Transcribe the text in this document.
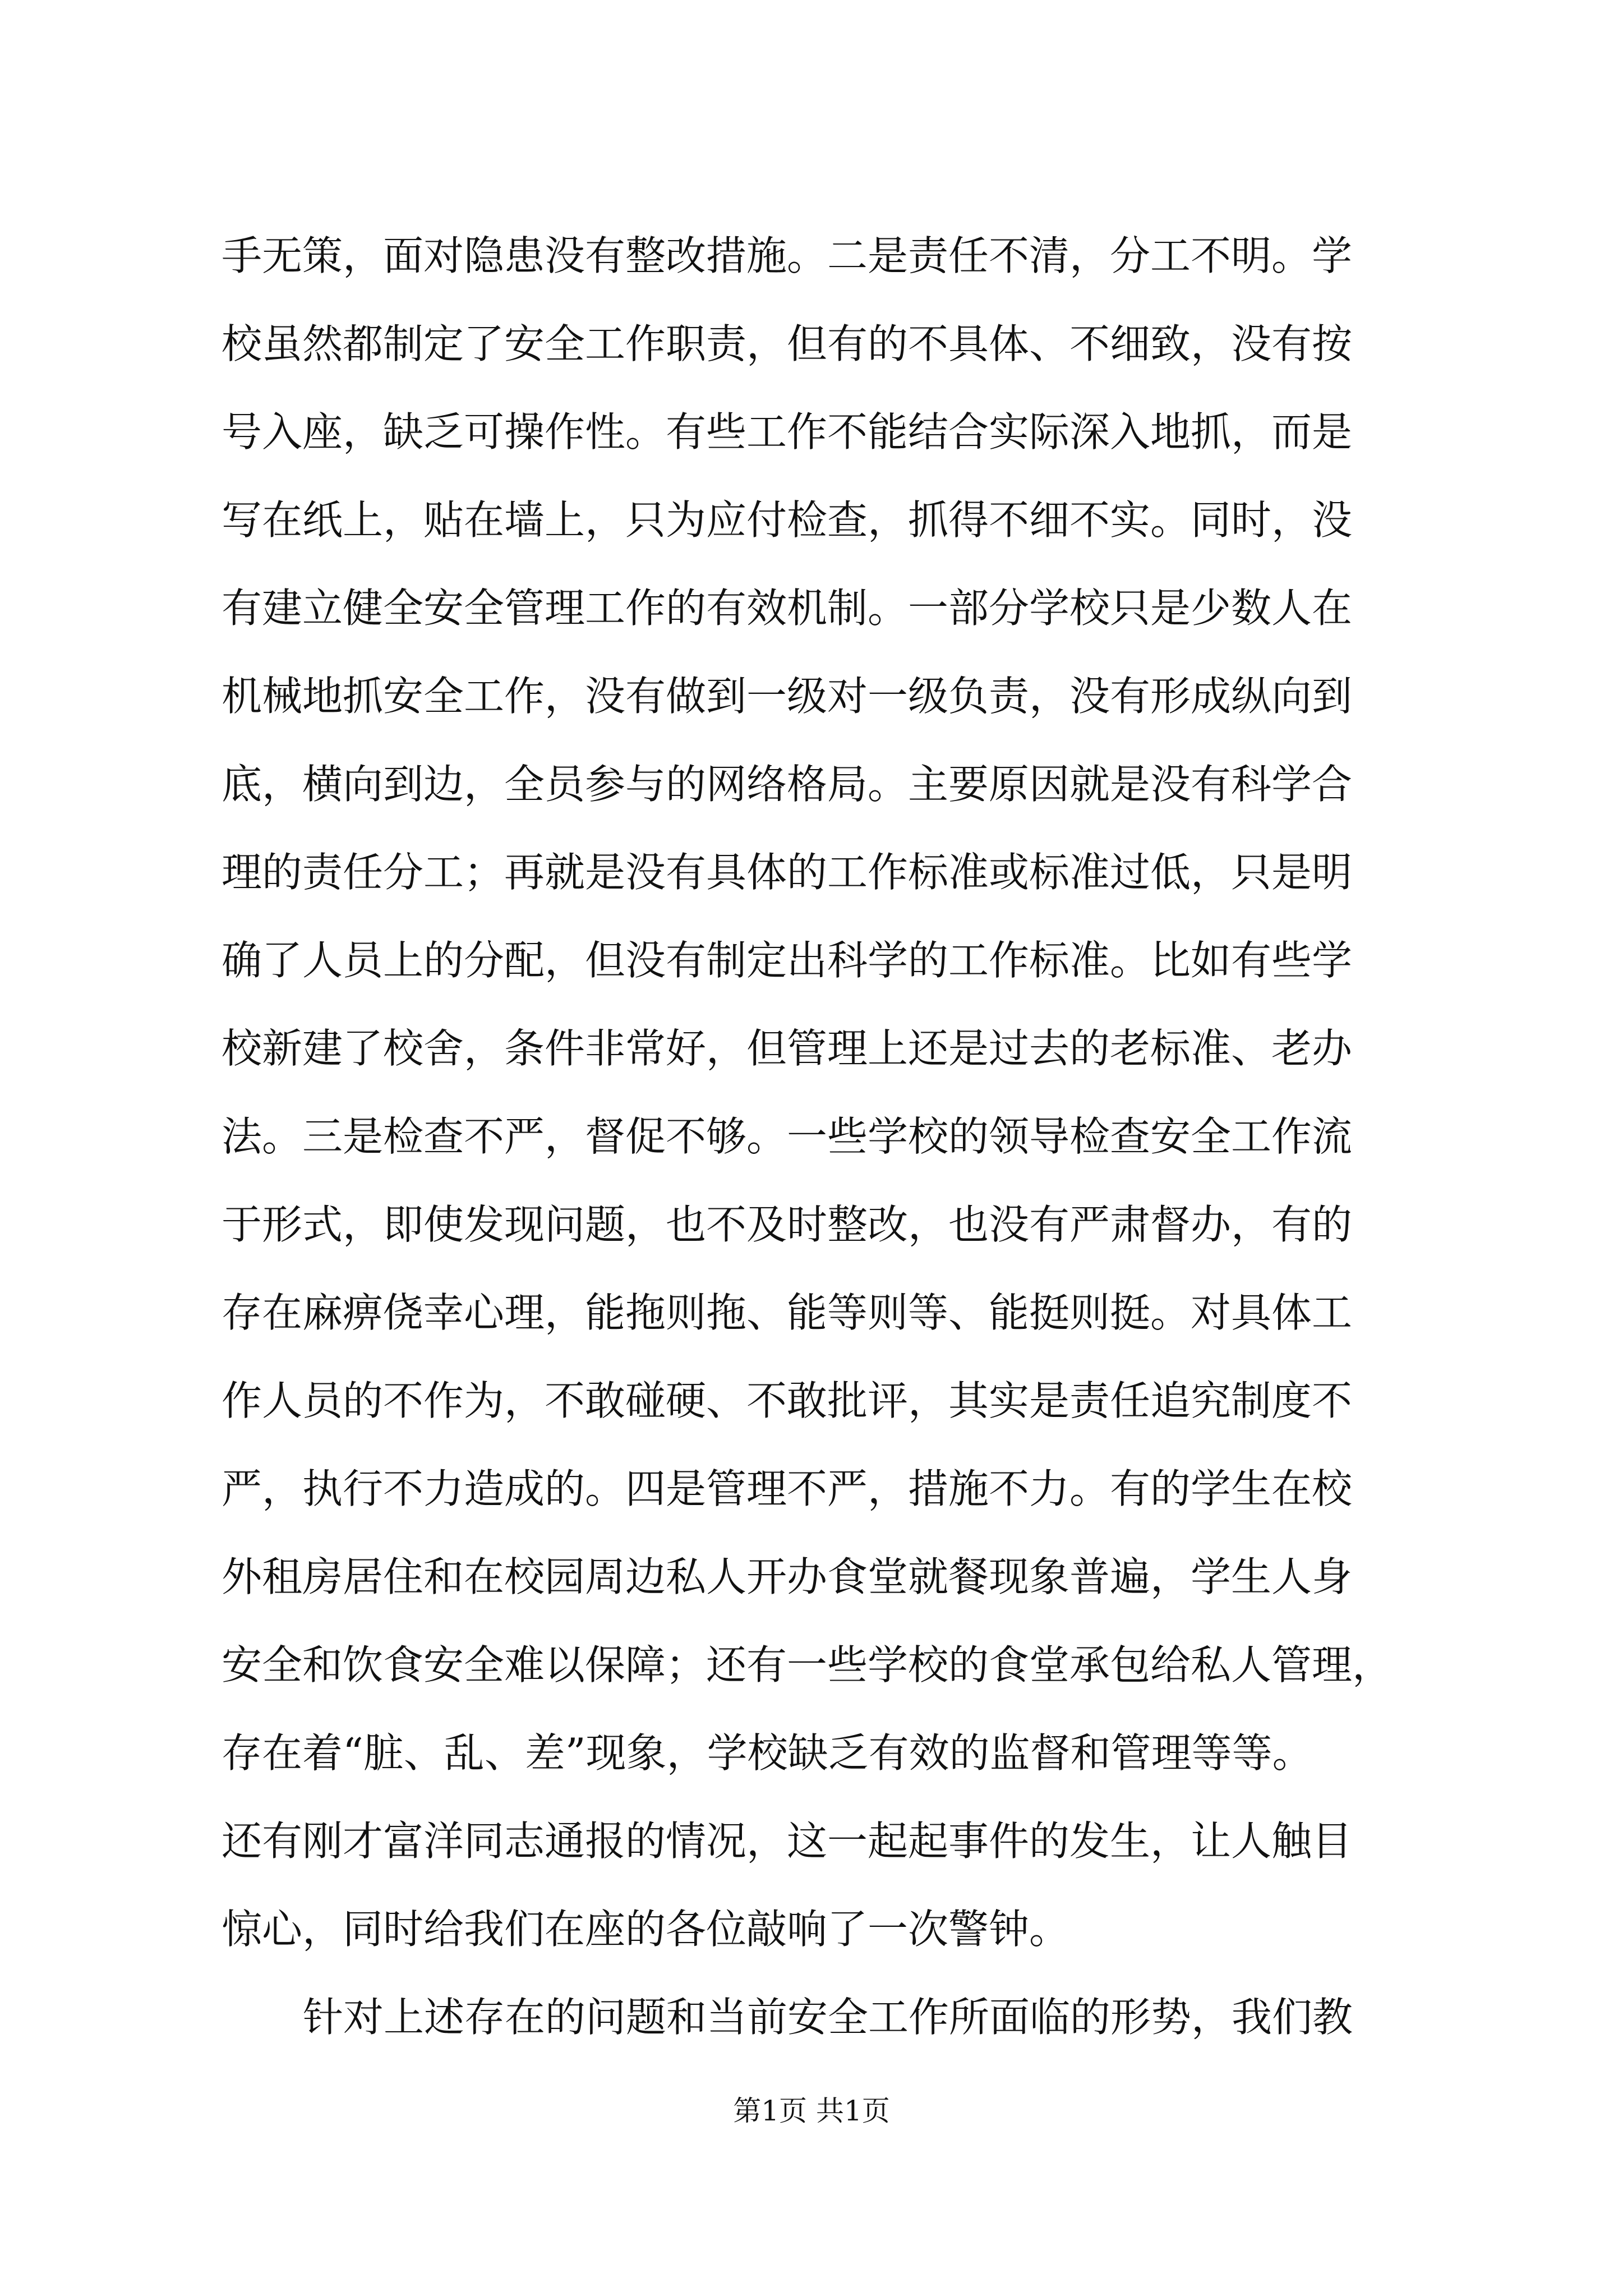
手无策，面对隐患没有整改措施。二是责任不清，分工不明。学
校虽然都制定了安全工作职责，但有的不具体、不细致，没有按
号入座，缺乏可操作性。有些工作不能结合实际深入地抓，而是
写在纸上，贴在墙上，只为应付检查，抓得不细不实。同时，没
有建立健全安全管理工作的有效机制。一部分学校只是少数人在
机械地抓安全工作，没有做到一级对一级负责，没有形成纵向到
底，横向到边，全员参与的网络格局。主要原因就是没有科学合
理的责任分工；再就是没有具体的工作标准或标准过低，只是明
确了人员上的分配，但没有制定出科学的工作标准。比如有些学
校新建了校舍，条件非常好，但管理上还是过去的老标准、老办
法。三是检查不严，督促不够。一些学校的领导检查安全工作流
于形式，即使发现问题，也不及时整改，也没有严肃督办，有的
存在麻痹侥幸心理，能拖则拖、能等则等、能挺则挺。对具体工
作人员的不作为，不敢碰硬、不敢批评，其实是责任追究制度不
严，执行不力造成的。四是管理不严，措施不力。有的学生在校
外租房居住和在校园周边私人开办食堂就餐现象普遍，学生人身
安全和饮食安全难以保障；还有一些学校的食堂承包给私人管理，
存在着“脏、乱、差”现象，学校缺乏有效的监督和管理等等。
还有刚才富洋同志通报的情况，这一起起事件的发生，让人触目
惊心，同时给我们在座的各位敲响了一次警钟。
针对上述存在的问题和当前安全工作所面临的形势，我们教
第1页 共1页
